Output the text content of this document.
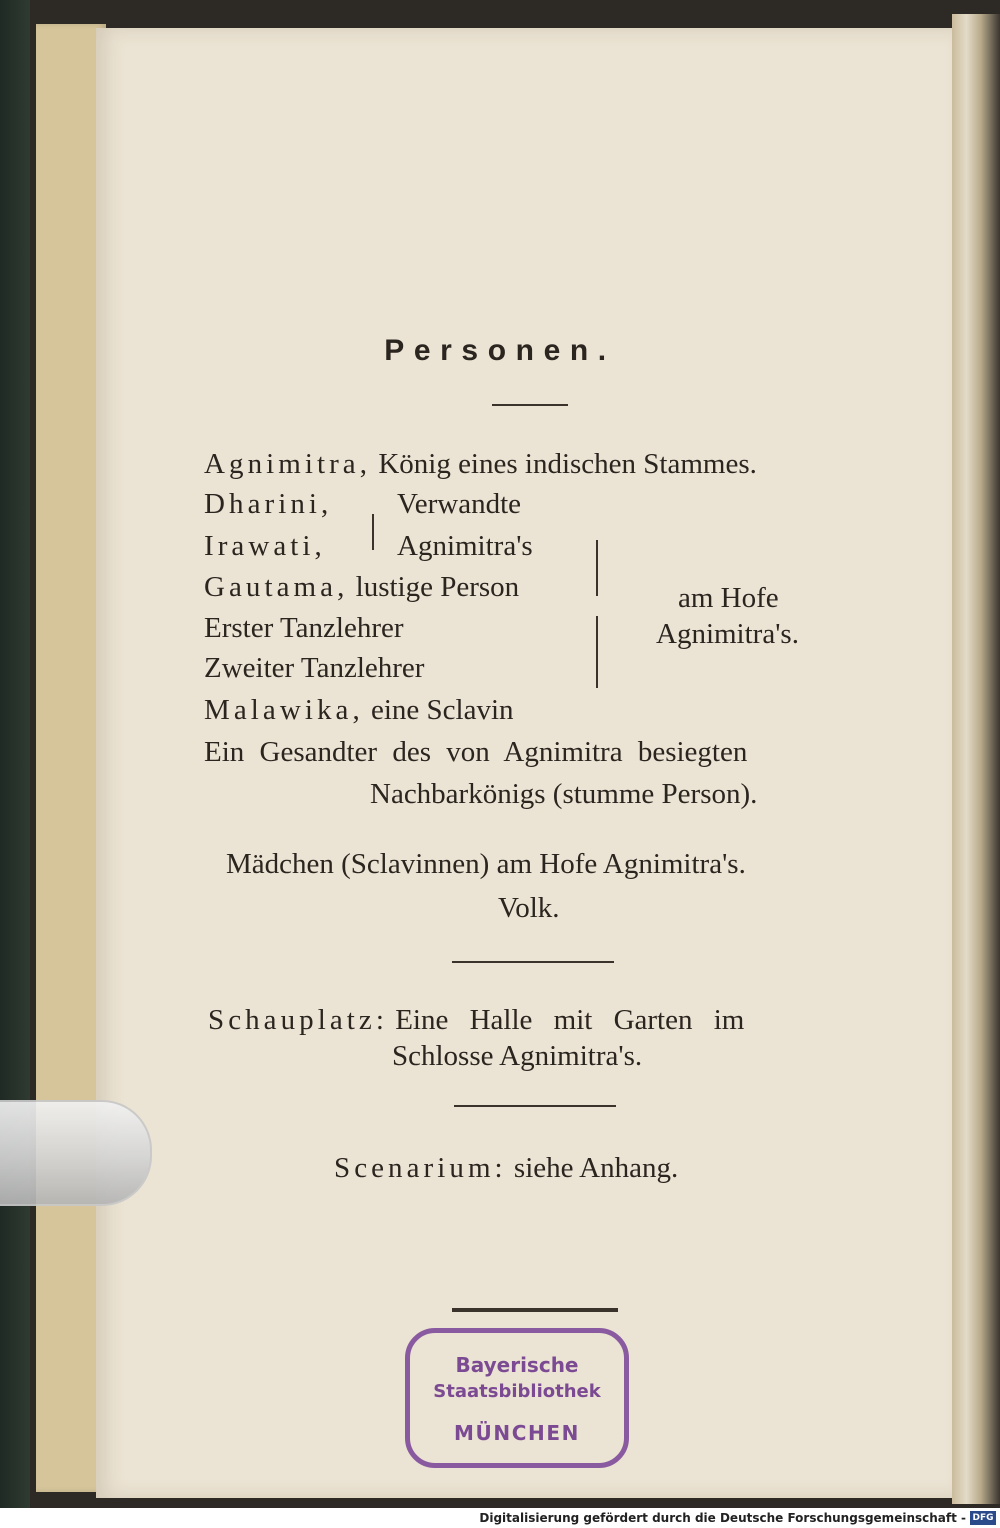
Personen.
Agnimitra, König eines indischen Stammes.
Dharini, Verwandte
Irawati, Agnimitra's
Gautama, lustige Person
Erster Tanzlehrer
Zweiter Tanzlehrer
am Hofe
Agnimitra's.
Malawika, eine Sclavin
Ein Gesandter des von Agnimitra besiegten
Nachbarkönigs (stumme Person).
Mädchen (Sclavinnen) am Hofe Agnimitra's.
Volk.
Schauplatz: Eine Halle mit Garten im
Schlosse Agnimitra's.
Scenarium: siehe Anhang.
Bayerische
Staatsbibliothek
MÜNCHEN
Digitalisierung gefördert durch die Deutsche Forschungsgemeinschaft - DFG
